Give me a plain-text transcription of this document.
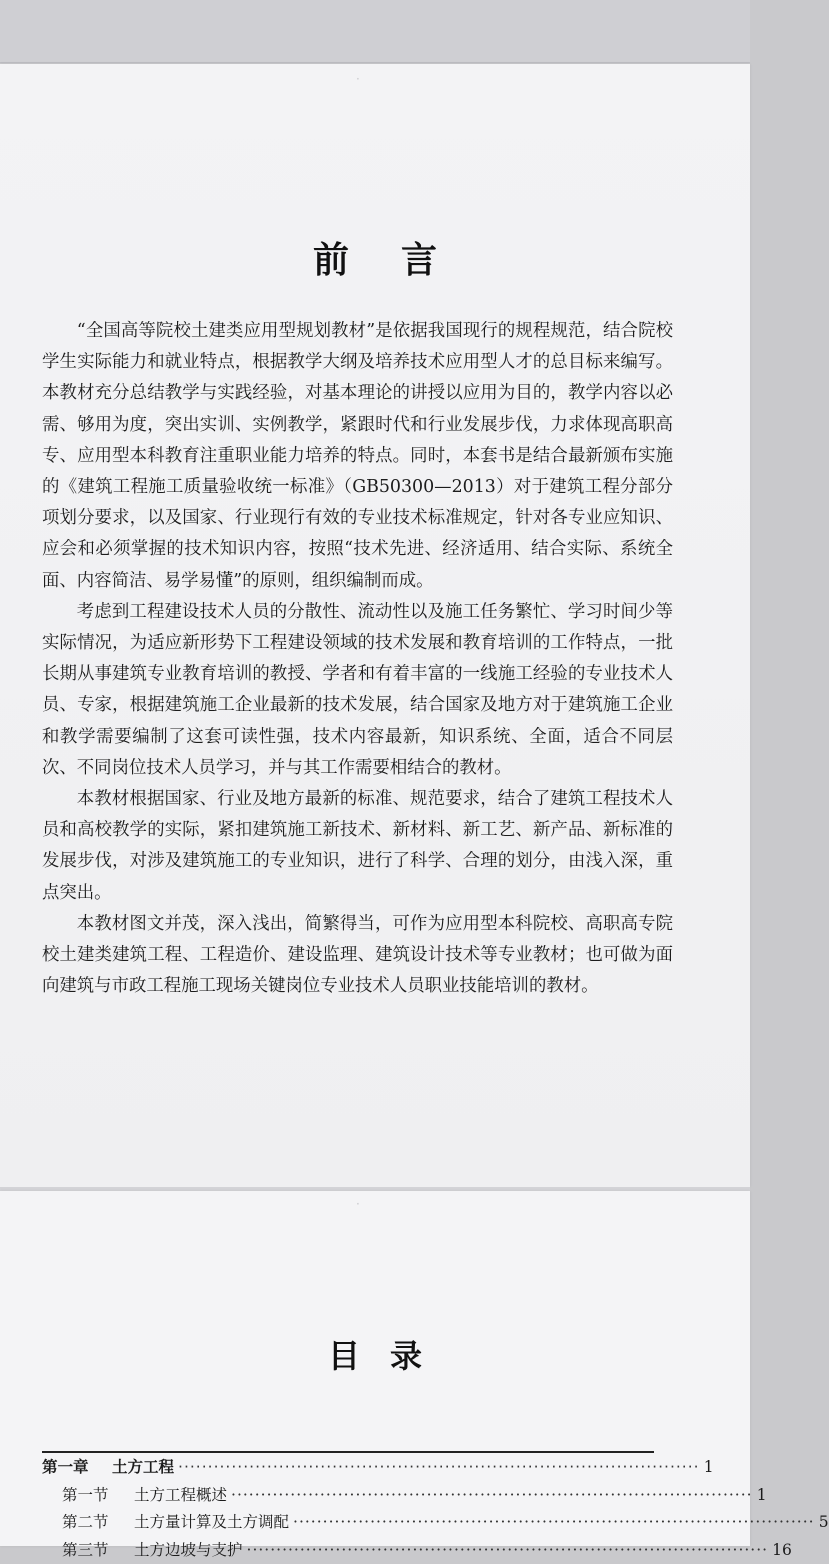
·
前言

“全国高等院校土建类应用型规划教材”是依据我国现行的规程规范，结合院校学生实际能力和就业特点，根据教学大纲及培养技术应用型人才的总目标来编写。本教材充分总结教学与实践经验，对基本理论的讲授以应用为目的，教学内容以必需、够用为度，突出实训、实例教学，紧跟时代和行业发展步伐，力求体现高职高专、应用型本科教育注重职业能力培养的特点。同时，本套书是结合最新颁布实施的《建筑工程施工质量验收统一标准》（GB50300—2013）对于建筑工程分部分项划分要求，以及国家、行业现行有效的专业技术标准规定，针对各专业应知识、应会和必须掌握的技术知识内容，按照“技术先进、经济适用、结合实际、系统全面、内容简洁、易学易懂”的原则，组织编制而成。

考虑到工程建设技术人员的分散性、流动性以及施工任务繁忙、学习时间少等实际情况，为适应新形势下工程建设领域的技术发展和教育培训的工作特点，一批长期从事建筑专业教育培训的教授、学者和有着丰富的一线施工经验的专业技术人员、专家，根据建筑施工企业最新的技术发展，结合国家及地方对于建筑施工企业和教学需要编制了这套可读性强，技术内容最新，知识系统、全面，适合不同层次、不同岗位技术人员学习，并与其工作需要相结合的教材。

本教材根据国家、行业及地方最新的标准、规范要求，结合了建筑工程技术人员和高校教学的实际，紧扣建筑施工新技术、新材料、新工艺、新产品、新标准的发展步伐，对涉及建筑施工的专业知识，进行了科学、合理的划分，由浅入深，重点突出。

本教材图文并茂，深入浅出，简繁得当，可作为应用型本科院校、高职高专院校土建类建筑工程、工程造价、建设监理、建筑设计技术等专业教材；也可做为面向建筑与市政工程施工现场关键岗位专业技术人员职业技能培训的教材。

·
目录
第一章	土方工程 ·····	1
第一节	土方工程概述 ·····	1
第二节	土方量计算及土方调配 ·····	5
第三节	土方边坡与支护 ·····	16
